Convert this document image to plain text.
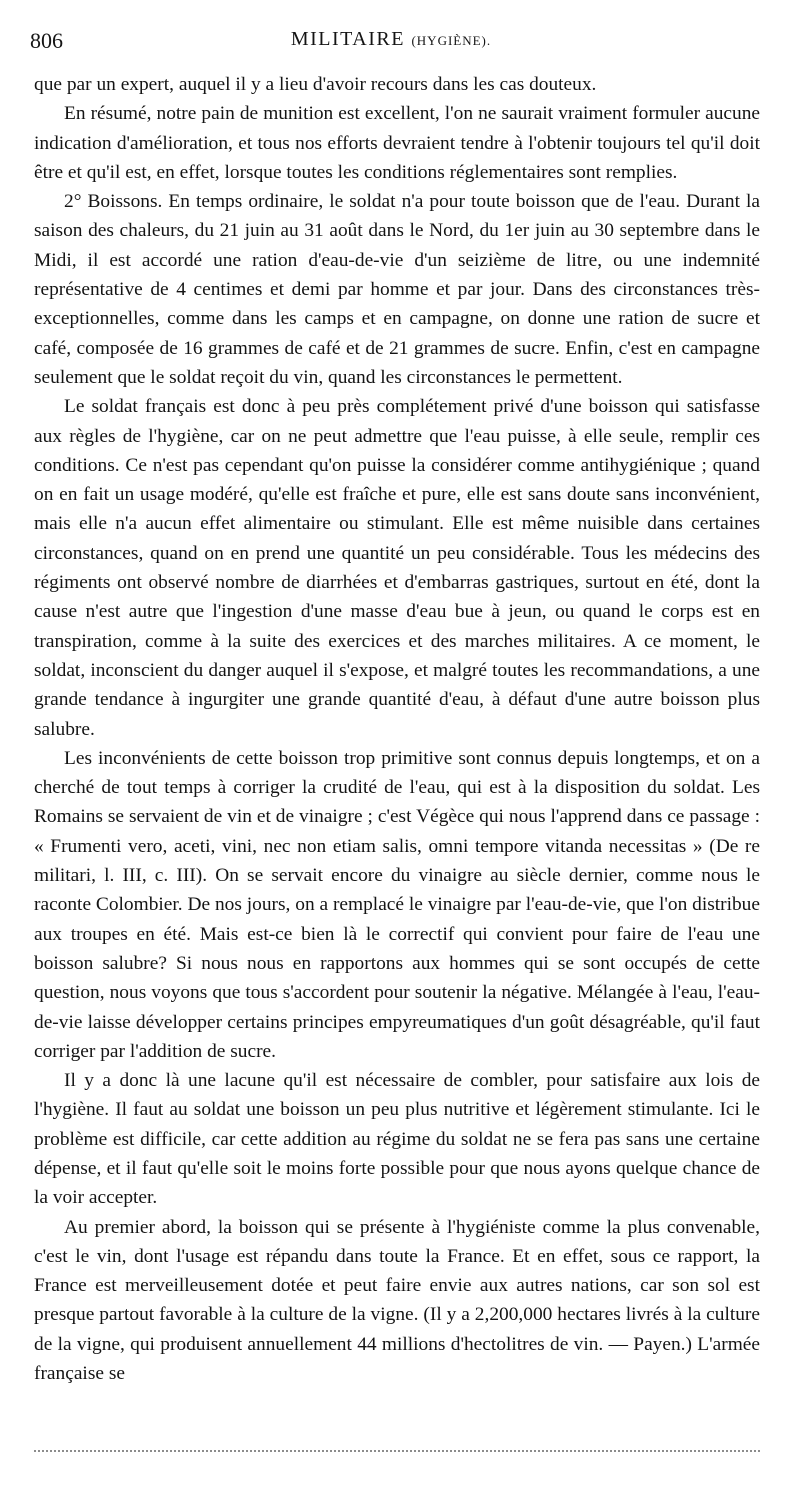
806	MILITAIRE (HYGIÈNE).

que par un expert, auquel il y a lieu d'avoir recours dans les cas douteux.

En résumé, notre pain de munition est excellent, l'on ne saurait vraiment formuler aucune indication d'amélioration, et tous nos efforts devraient tendre à l'obtenir toujours tel qu'il doit être et qu'il est, en effet, lorsque toutes les conditions réglementaires sont remplies.

2° Boissons. En temps ordinaire, le soldat n'a pour toute boisson que de l'eau. Durant la saison des chaleurs, du 21 juin au 31 août dans le Nord, du 1er juin au 30 septembre dans le Midi, il est accordé une ration d'eau-de-vie d'un seizième de litre, ou une indemnité représentative de 4 centimes et demi par homme et par jour. Dans des circonstances très-exceptionnelles, comme dans les camps et en campagne, on donne une ration de sucre et café, composée de 16 grammes de café et de 21 grammes de sucre. Enfin, c'est en campagne seulement que le soldat reçoit du vin, quand les circonstances le permettent.

Le soldat français est donc à peu près complétement privé d'une boisson qui satisfasse aux règles de l'hygiène, car on ne peut admettre que l'eau puisse, à elle seule, remplir ces conditions. Ce n'est pas cependant qu'on puisse la considérer comme antihygiénique ; quand on en fait un usage modéré, qu'elle est fraîche et pure, elle est sans doute sans inconvénient, mais elle n'a aucun effet alimentaire ou stimulant. Elle est même nuisible dans certaines circonstances, quand on en prend une quantité un peu considérable. Tous les médecins des régiments ont observé nombre de diarrhées et d'embarras gastriques, surtout en été, dont la cause n'est autre que l'ingestion d'une masse d'eau bue à jeun, ou quand le corps est en transpiration, comme à la suite des exercices et des marches militaires. A ce moment, le soldat, inconscient du danger auquel il s'expose, et malgré toutes les recommandations, a une grande tendance à ingurgiter une grande quantité d'eau, à défaut d'une autre boisson plus salubre.

Les inconvénients de cette boisson trop primitive sont connus depuis longtemps, et on a cherché de tout temps à corriger la crudité de l'eau, qui est à la disposition du soldat. Les Romains se servaient de vin et de vinaigre ; c'est Végèce qui nous l'apprend dans ce passage : « Frumenti vero, aceti, vini, nec non etiam salis, omni tempore vitanda necessitas » (De re militari, l. III, c. III). On se servait encore du vinaigre au siècle dernier, comme nous le raconte Colombier. De nos jours, on a remplacé le vinaigre par l'eau-de-vie, que l'on distribue aux troupes en été. Mais est-ce bien là le correctif qui convient pour faire de l'eau une boisson salubre? Si nous nous en rapportons aux hommes qui se sont occupés de cette question, nous voyons que tous s'accordent pour soutenir la négative. Mélangée à l'eau, l'eau-de-vie laisse développer certains principes empyreumatiques d'un goût désagréable, qu'il faut corriger par l'addition de sucre.

Il y a donc là une lacune qu'il est nécessaire de combler, pour satisfaire aux lois de l'hygiène. Il faut au soldat une boisson un peu plus nutritive et légèrement stimulante. Ici le problème est difficile, car cette addition au régime du soldat ne se fera pas sans une certaine dépense, et il faut qu'elle soit le moins forte possible pour que nous ayons quelque chance de la voir accepter.

Au premier abord, la boisson qui se présente à l'hygiéniste comme la plus convenable, c'est le vin, dont l'usage est répandu dans toute la France. Et en effet, sous ce rapport, la France est merveilleusement dotée et peut faire envie aux autres nations, car son sol est presque partout favorable à la culture de la vigne. (Il y a 2,200,000 hectares livrés à la culture de la vigne, qui produisent annuellement 44 millions d'hectolitres de vin. — Payen.) L'armée française se
